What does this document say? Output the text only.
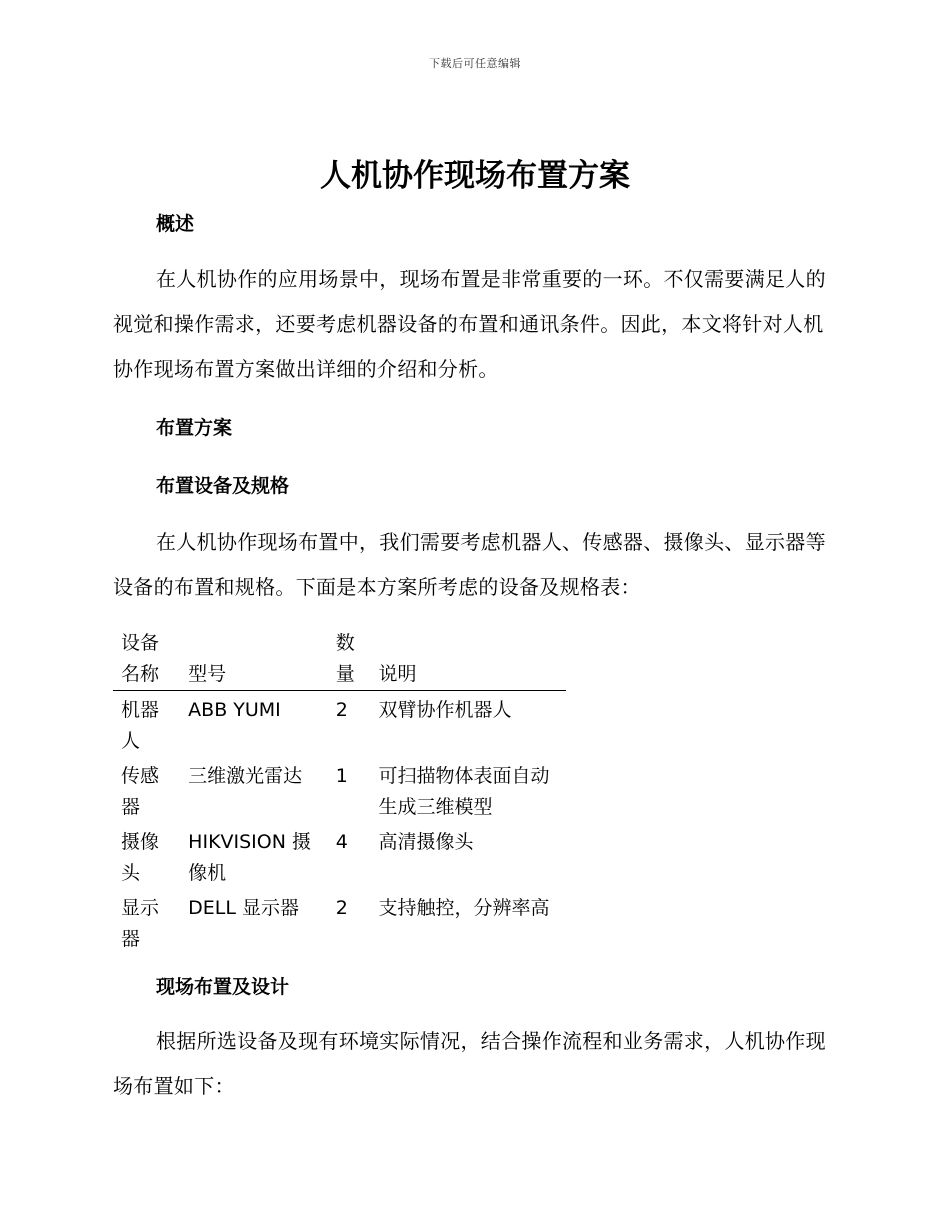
下载后可任意编辑
人机协作现场布置方案
概述

在人机协作的应用场景中，现场布置是非常重要的一环。不仅需要满足人的视觉和操作需求，还要考虑机器设备的布置和通讯条件。因此，本文将针对人机协作现场布置方案做出详细的介绍和分析。

布置方案
布置设备及规格

在人机协作现场布置中，我们需要考虑机器人、传感器、摄像头、显示器等设备的布置和规格。下面是本方案所考虑的设备及规格表：

设备名称	型号	数量	说明
机器人	ABB YUMI	2	双臂协作机器人
传感器	三维激光雷达	1	可扫描物体表面自动生成三维模型
摄像头	HIKVISION 摄像机	4	高清摄像头
显示器	DELL 显示器	2	支持触控，分辨率高
现场布置及设计

根据所选设备及现有环境实际情况，结合操作流程和业务需求，人机协作现场布置如下：
